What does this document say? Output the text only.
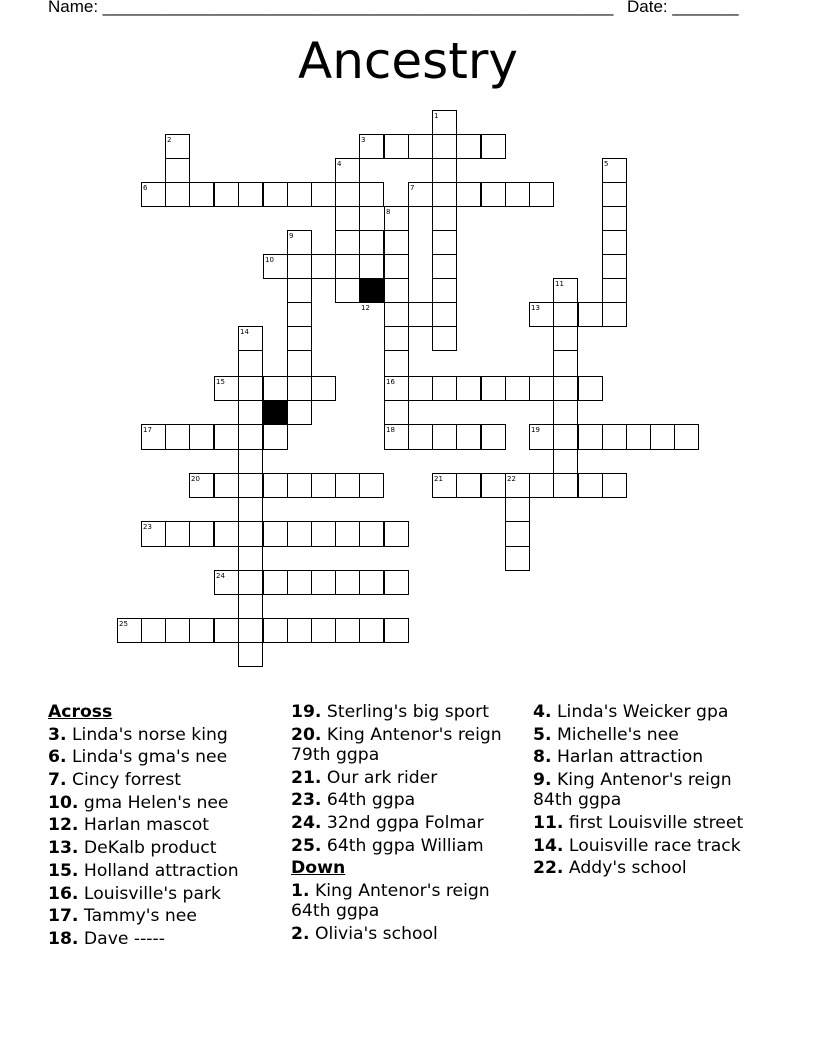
Name: ______________________________________________________ Date: _______
Ancestry
1
2	3
4	5
6	7
8
9
10
11
12	13
14
15	16
17	18	19
20	21	22
23
24
25
Across
3. Linda's norse king
6. Linda's gma's nee
7. Cincy forrest
10. gma Helen's nee
12. Harlan mascot
13. DeKalb product
15. Holland attraction
16. Louisville's park
17. Tammy's nee
18. Dave -----
19. Sterling's big sport
20. King Antenor's reign 79th ggpa
21. Our ark rider
23. 64th ggpa
24. 32nd ggpa Folmar
25. 64th ggpa William
Down
1. King Antenor's reign 64th ggpa
2. Olivia's school
4. Linda's Weicker gpa
5. Michelle's nee
8. Harlan attraction
9. King Antenor's reign 84th ggpa
11. first Louisville street
14. Louisville race track
22. Addy's school
